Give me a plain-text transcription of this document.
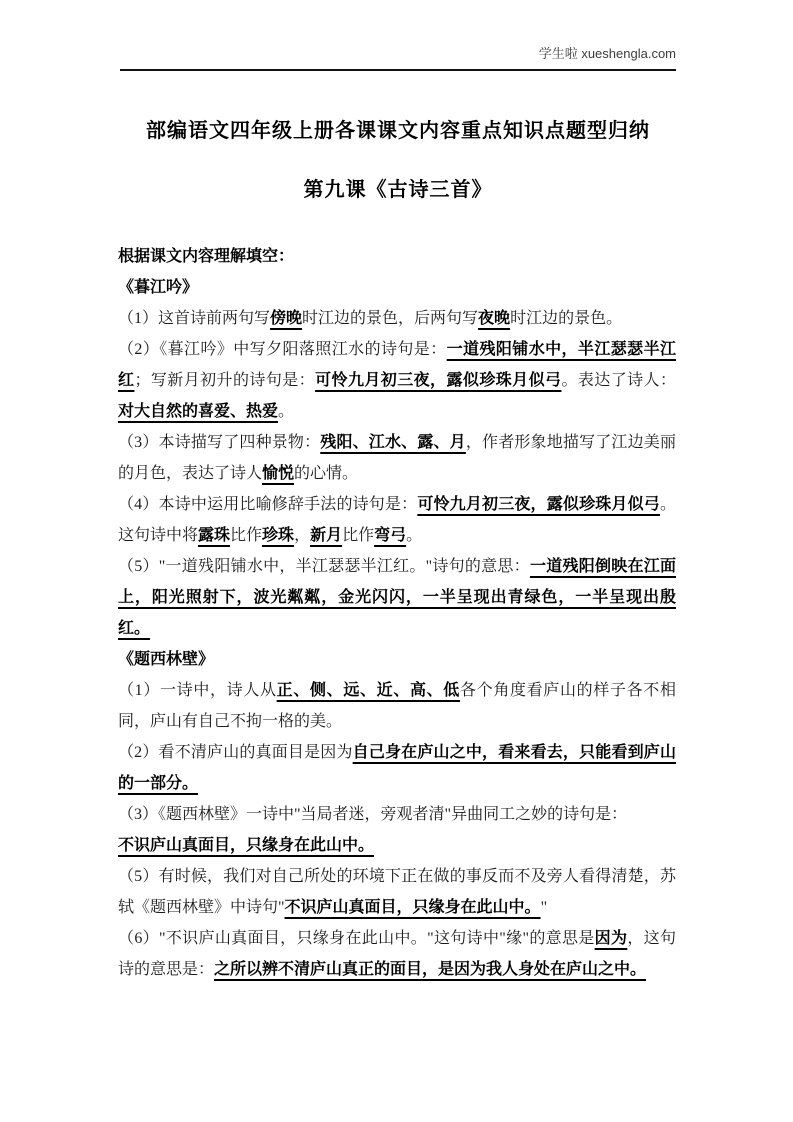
学生啦 xueshengla.com
部编语文四年级上册各课课文内容重点知识点题型归纳
第九课《古诗三首》

根据课文内容理解填空：

《暮江吟》

（1）这首诗前两句写傍晚时江边的景色，后两句写夜晚时江边的景色。

（2）《暮江吟》中写夕阳落照江水的诗句是：一道残阳铺水中，半江瑟瑟半江红；写新月初升的诗句是：可怜九月初三夜，露似珍珠月似弓。表达了诗人：对大自然的喜爱、热爱。

（3）本诗描写了四种景物：残阳、江水、露、月，作者形象地描写了江边美丽的月色，表达了诗人愉悦的心情。

（4）本诗中运用比喻修辞手法的诗句是：可怜九月初三夜，露似珍珠月似弓。这句诗中将露珠比作珍珠，新月比作弯弓。

（5）"一道残阳铺水中，半江瑟瑟半江红。"诗句的意思：一道残阳倒映在江面上，阳光照射下，波光粼粼，金光闪闪，一半呈现出青绿色，一半呈现出殷红。

《题西林壁》

（1）一诗中，诗人从正、侧、远、近、高、低各个角度看庐山的样子各不相同，庐山有自己不拘一格的美。

（2）看不清庐山的真面目是因为自己身在庐山之中，看来看去，只能看到庐山的一部分。

（3）《题西林壁》一诗中"当局者迷，旁观者清"异曲同工之妙的诗句是：
不识庐山真面目，只缘身在此山中。

（5）有时候，我们对自己所处的环境下正在做的事反而不及旁人看得清楚，苏轼《题西林壁》中诗句"不识庐山真面目，只缘身在此山中。"

（6）"不识庐山真面目，只缘身在此山中。"这句诗中"缘"的意思是因为，这句诗的意思是：之所以辨不清庐山真正的面目，是因为我人身处在庐山之中。
